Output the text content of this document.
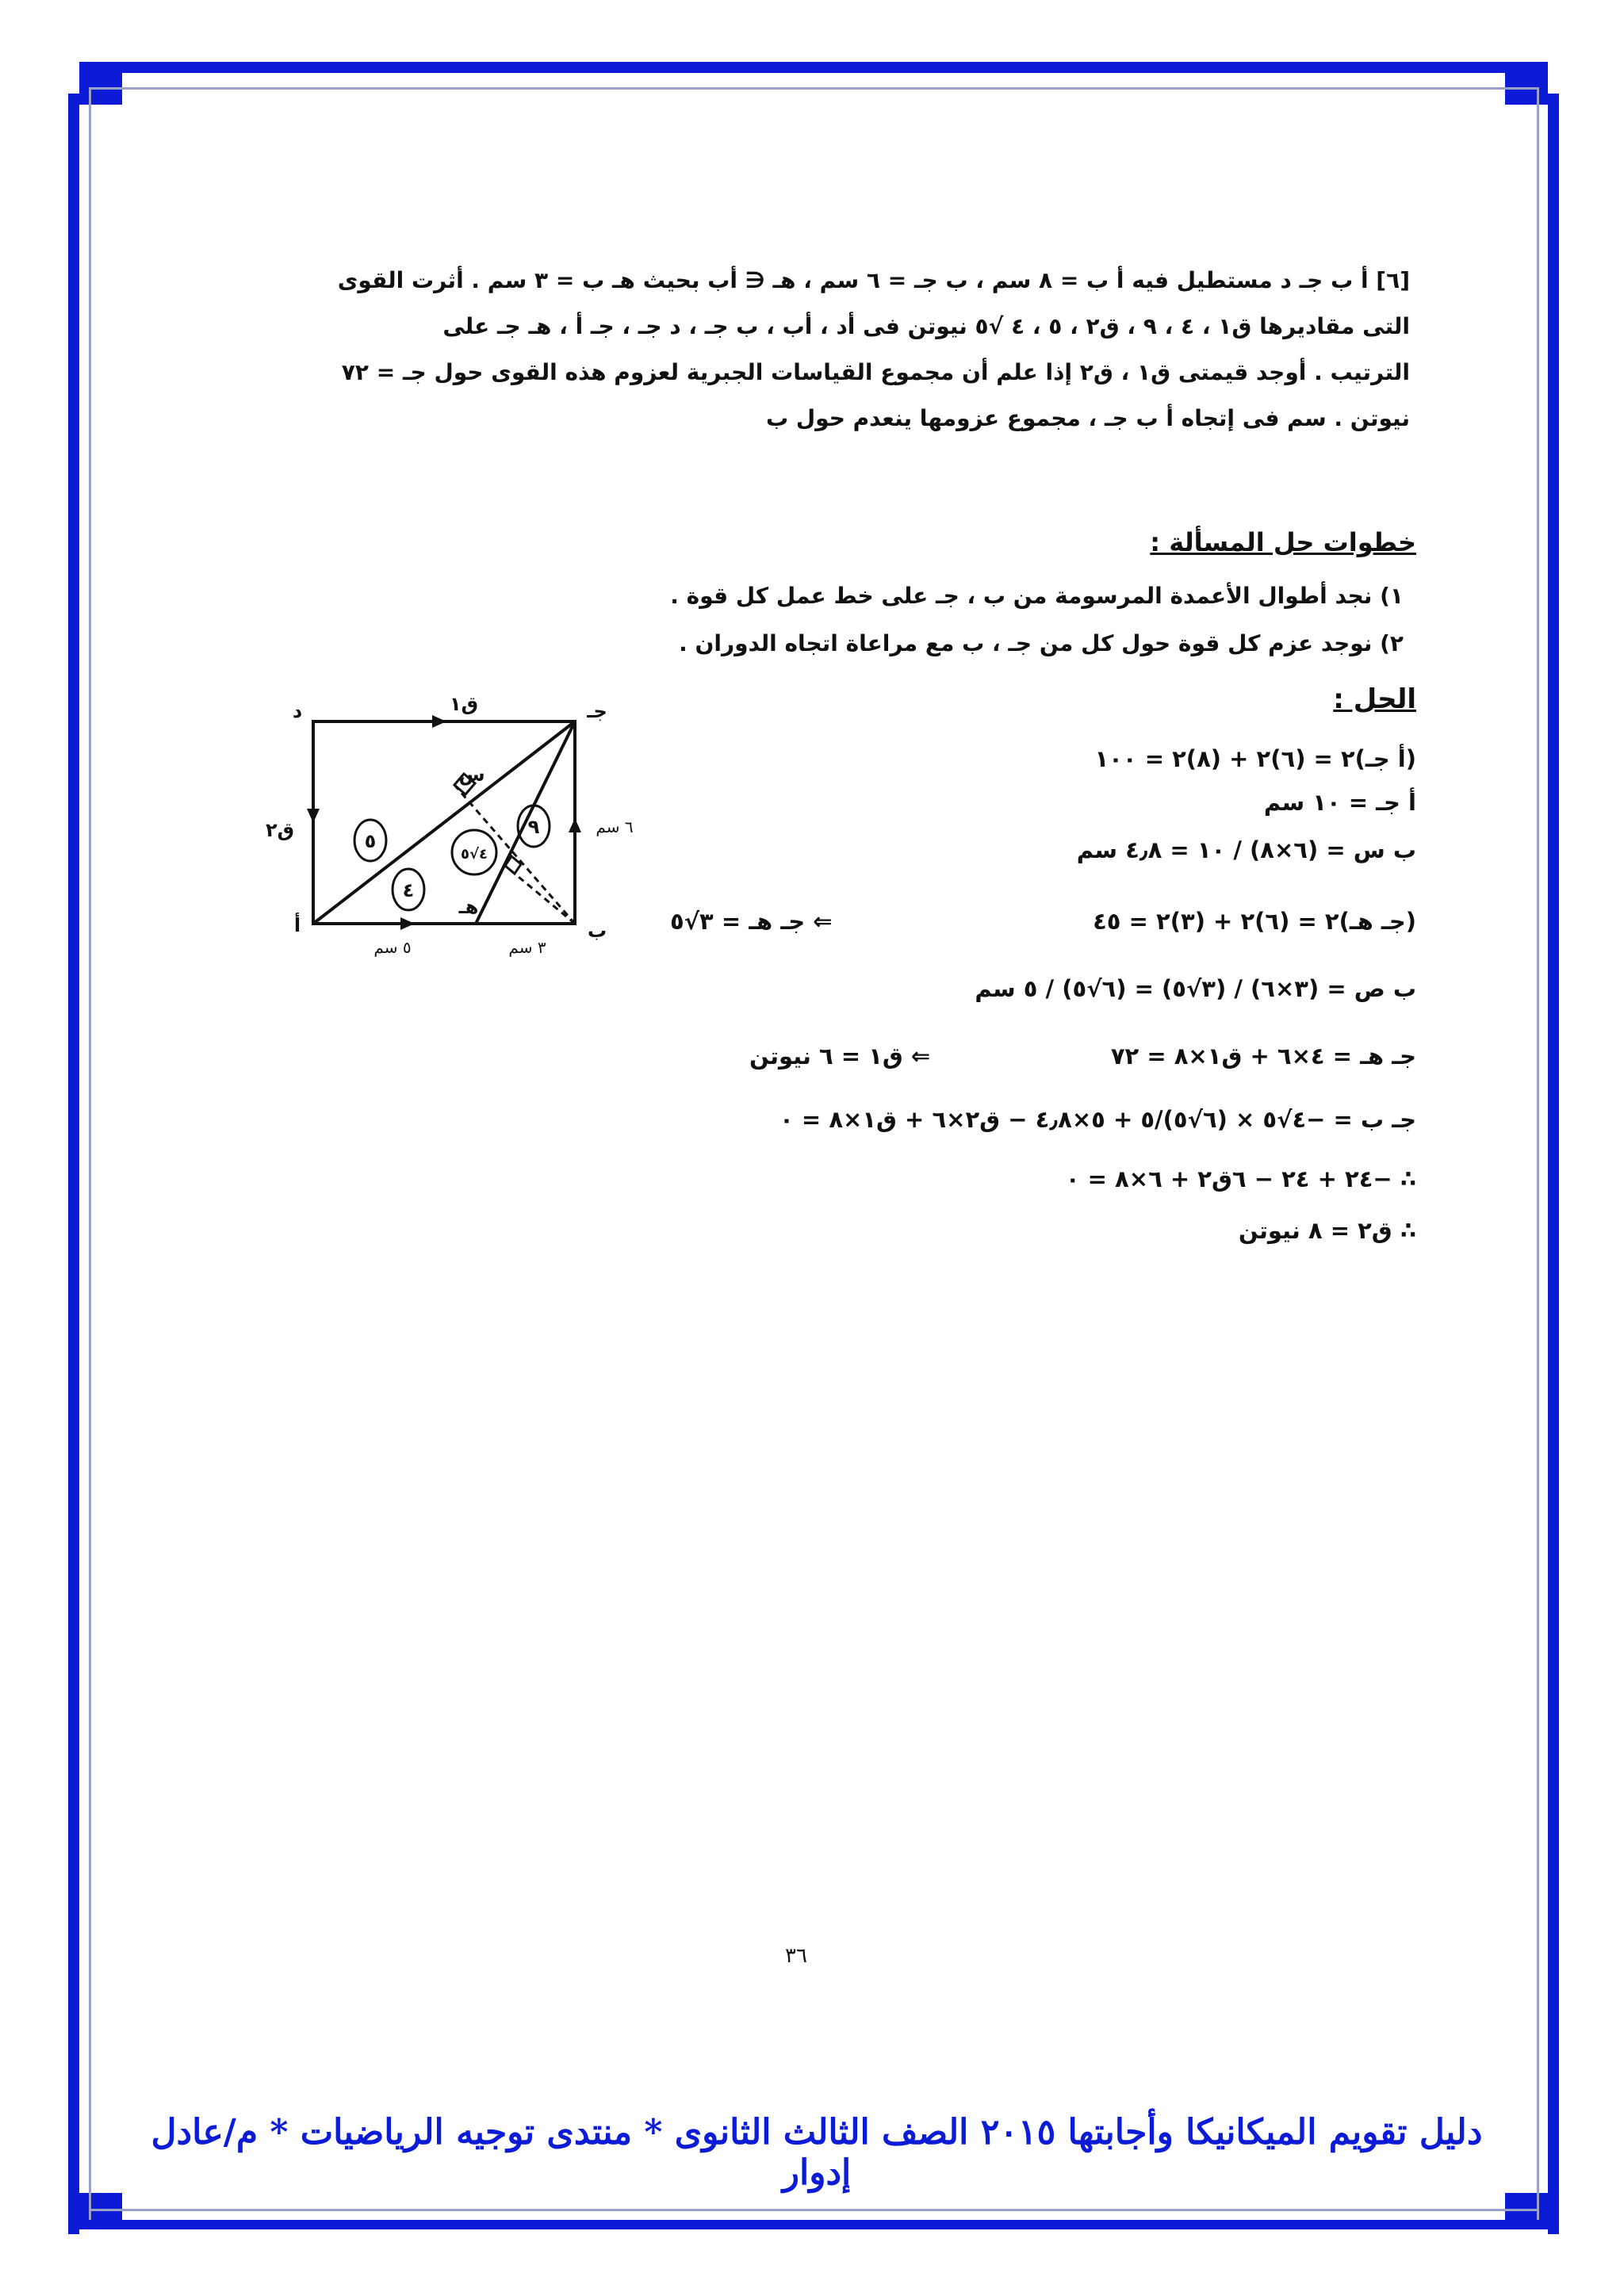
[٦] أ ب جـ د مستطيل فيه أ ب = ٨ سم ، ب جـ = ٦ سم ، هـ ∈ أب بحيث هـ ب = ٣ سم . أثرت القوى

التى مقاديرها ق١ ، ٤ ، ٩ ، ق٢ ، ٥ ، ٤ √٥ نيوتن فى أد ، أب ، ب جـ ، د جـ ، جـ أ ، هـ جـ على

الترتيب . أوجد قيمتى ق١ ، ق٢ إذا علم أن مجموع القياسات الجبرية لعزوم هذه القوى حول جـ = ٧٢

نيوتن . سم فى إتجاه أ ب جـ ، مجموع عزومها ينعدم حول ب

خطوات حل المسألة :
١) نجد أطوال الأعمدة المرسومة من ب ، جـ على خط عمل كل قوة .
٢) نوجد عزم كل قوة حول كل من جـ ، ب مع مراعاة اتجاه الدوران .
الحل :
(أ جـ)٢ = (٦)٢ + (٨)٢ = ١٠٠
أ جـ = ١٠ سم
ب س = (٦×٨) / ١٠ = ٤٫٨ سم
(جـ هـ)٢ = (٦)٢ + (٣)٢ = ٤٥
ب ص = (٣×٦) / (٣√٥) = (٦√٥) / ٥ سم
جـ هـ = ٤×٦ + ق١×٨ = ٧٢
جـ ب = −٤√٥ × (٦√٥)/٥ + ٥×٤٫٨ − ق٢×٦ + ق١×٨ = ٠
∴ −٢٤ + ٢٤ − ٦ق٢ + ٦×٨ = ٠
∴ ق٢ = ٨ نيوتن
⇐ جـ هـ = ٣√٥
⇐ ق١ = ٦ نيوتن
أ	ب
جـ
د
هـ
س
ق١
ق٢
٥ سم	٣ سم
٦ سم
٥
٤
٤√٥
٩
٣٦
دليل تقويم الميكانيكا وأجابتها ٢٠١٥ الصف الثالث الثانوى * منتدى توجيه الرياضيات * م/عادل إدوار
